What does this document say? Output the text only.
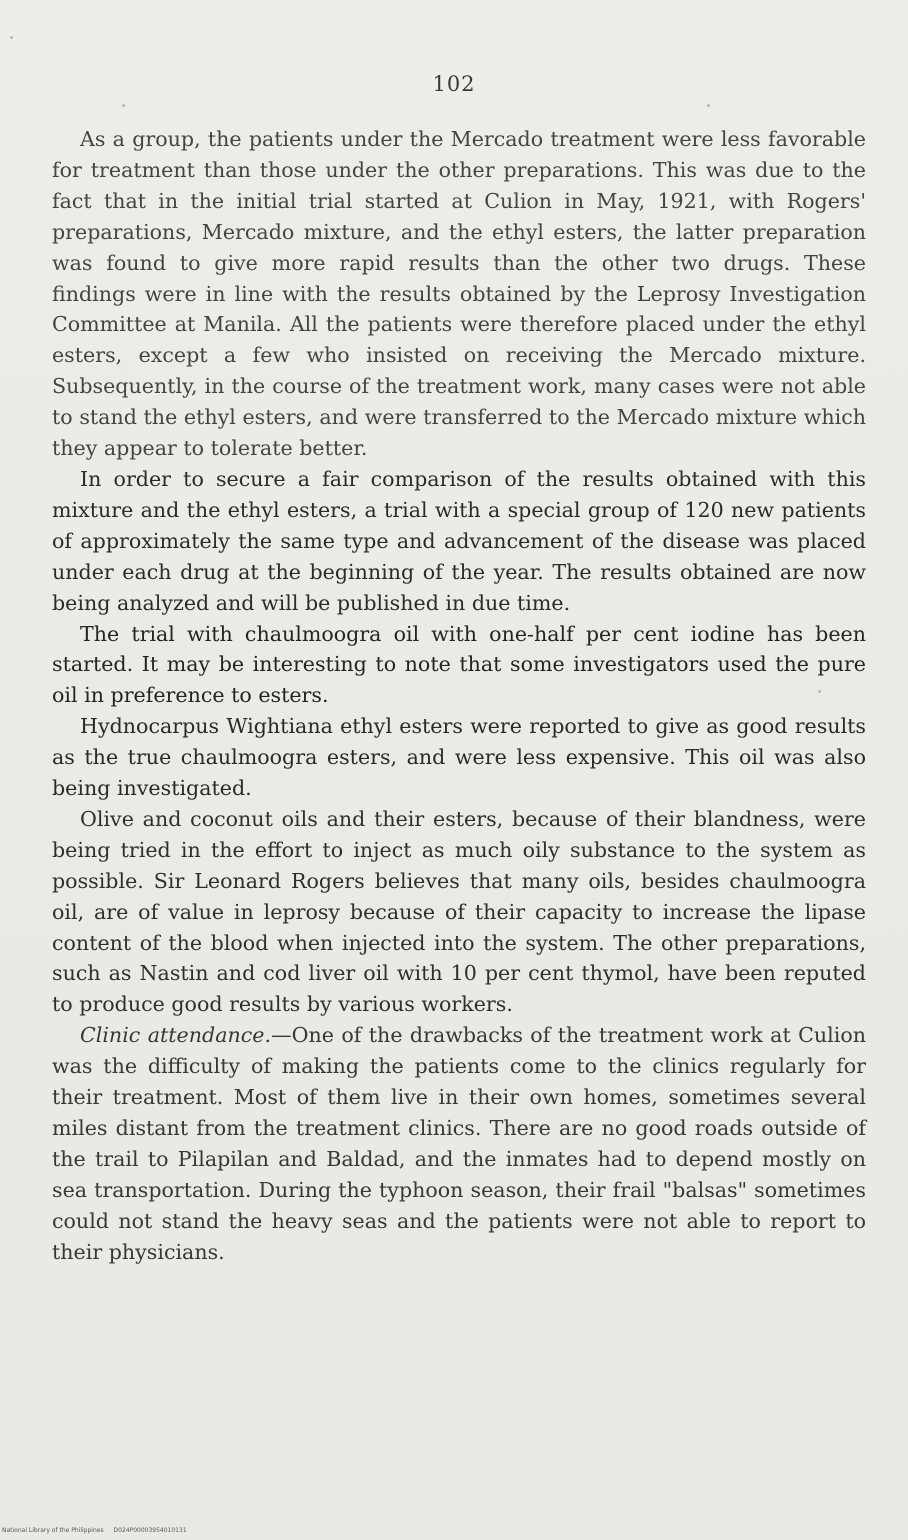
102

As a group, the patients under the Mercado treatment were less favorable for treatment than those under the other preparations. This was due to the fact that in the initial trial started at Culion in May, 1921, with Rogers' preparations, Mercado mixture, and the ethyl esters, the latter preparation was found to give more rapid results than the other two drugs. These findings were in line with the results obtained by the Leprosy Investigation Committee at Manila. All the patients were therefore placed under the ethyl esters, except a few who insisted on receiving the Mercado mixture. Subsequently, in the course of the treatment work, many cases were not able to stand the ethyl esters, and were transferred to the Mercado mixture which they appear to tolerate better.

In order to secure a fair comparison of the results obtained with this mixture and the ethyl esters, a trial with a special group of 120 new patients of approximately the same type and advancement of the disease was placed under each drug at the beginning of the year. The results obtained are now being analyzed and will be published in due time.

The trial with chaulmoogra oil with one-half per cent iodine has been started. It may be interesting to note that some investigators used the pure oil in preference to esters.

Hydnocarpus Wightiana ethyl esters were reported to give as good results as the true chaulmoogra esters, and were less expensive. This oil was also being investigated.

Olive and coconut oils and their esters, because of their blandness, were being tried in the effort to inject as much oily substance to the system as possible. Sir Leonard Rogers believes that many oils, besides chaulmoogra oil, are of value in leprosy because of their capacity to increase the lipase content of the blood when injected into the system. The other preparations, such as Nastin and cod liver oil with 10 per cent thymol, have been reputed to produce good results by various workers.

Clinic attendance.—One of the drawbacks of the treatment work at Culion was the difficulty of making the patients come to the clinics regularly for their treatment. Most of them live in their own homes, sometimes several miles distant from the treatment clinics. There are no good roads outside of the trail to Pilapilan and Baldad, and the inmates had to depend mostly on sea transportation. During the typhoon season, their frail "balsas" sometimes could not stand the heavy seas and the patients were not able to report to their physicians.

National Library of the Philippines D024P00003954010131
